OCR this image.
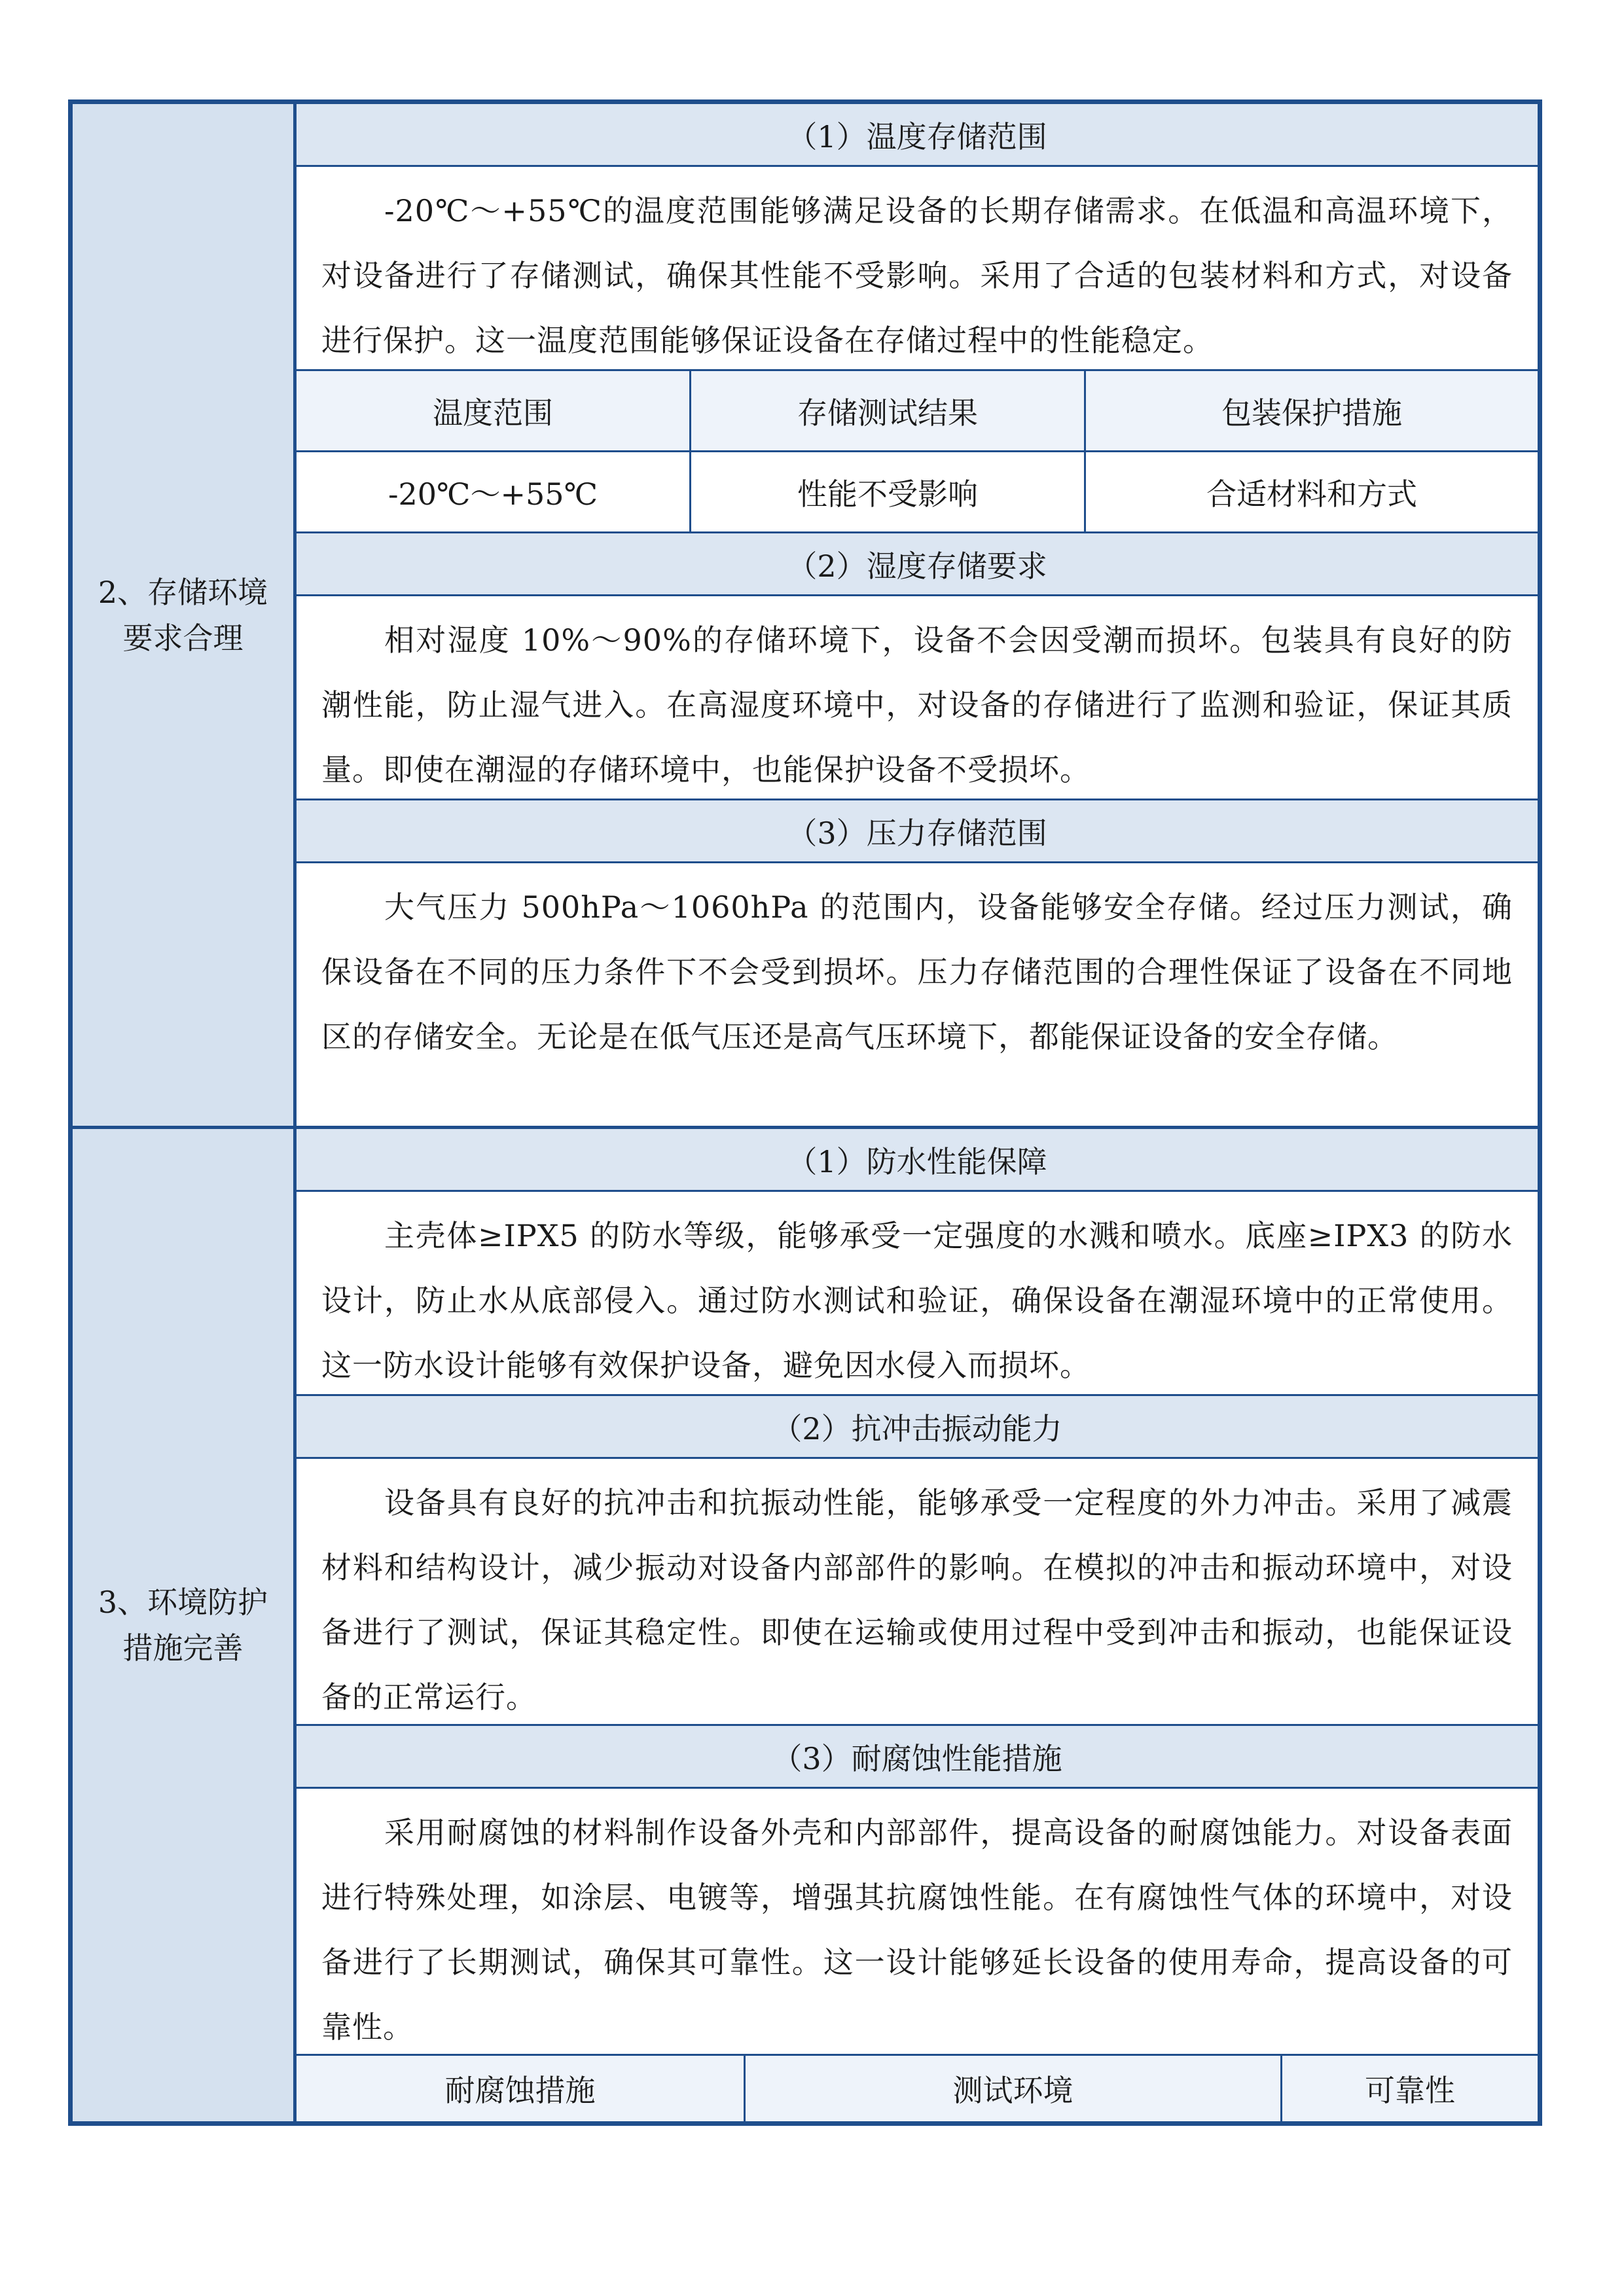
2、存储环境要求合理
（1）温度存储范围
-20℃～+55℃的温度范围能够满足设备的长期存储需求。在低温和高温环境下，对设备进行了存储测试，确保其性能不受影响。采用了合适的包装材料和方式，对设备进行保护。这一温度范围能够保证设备在存储过程中的性能稳定。
温度范围	存储测试结果	包装保护措施
-20℃～+55℃	性能不受影响	合适材料和方式
（2）湿度存储要求
相对湿度 10%～90%的存储环境下，设备不会因受潮而损坏。包装具有良好的防潮性能，防止湿气进入。在高湿度环境中，对设备的存储进行了监测和验证，保证其质量。即使在潮湿的存储环境中，也能保护设备不受损坏。
（3）压力存储范围
大气压力 500hPa～1060hPa 的范围内，设备能够安全存储。经过压力测试，确保设备在不同的压力条件下不会受到损坏。压力存储范围的合理性保证了设备在不同地区的存储安全。无论是在低气压还是高气压环境下，都能保证设备的安全存储。
3、环境防护措施完善
（1）防水性能保障
主壳体≥IPX5 的防水等级，能够承受一定强度的水溅和喷水。底座≥IPX3 的防水设计，防止水从底部侵入。通过防水测试和验证，确保设备在潮湿环境中的正常使用。这一防水设计能够有效保护设备，避免因水侵入而损坏。
（2）抗冲击振动能力
设备具有良好的抗冲击和抗振动性能，能够承受一定程度的外力冲击。采用了减震材料和结构设计，减少振动对设备内部部件的影响。在模拟的冲击和振动环境中，对设备进行了测试，保证其稳定性。即使在运输或使用过程中受到冲击和振动，也能保证设备的正常运行。
（3）耐腐蚀性能措施
采用耐腐蚀的材料制作设备外壳和内部部件，提高设备的耐腐蚀能力。对设备表面进行特殊处理，如涂层、电镀等，增强其抗腐蚀性能。在有腐蚀性气体的环境中，对设备进行了长期测试，确保其可靠性。这一设计能够延长设备的使用寿命，提高设备的可靠性。
耐腐蚀措施	测试环境	可靠性
